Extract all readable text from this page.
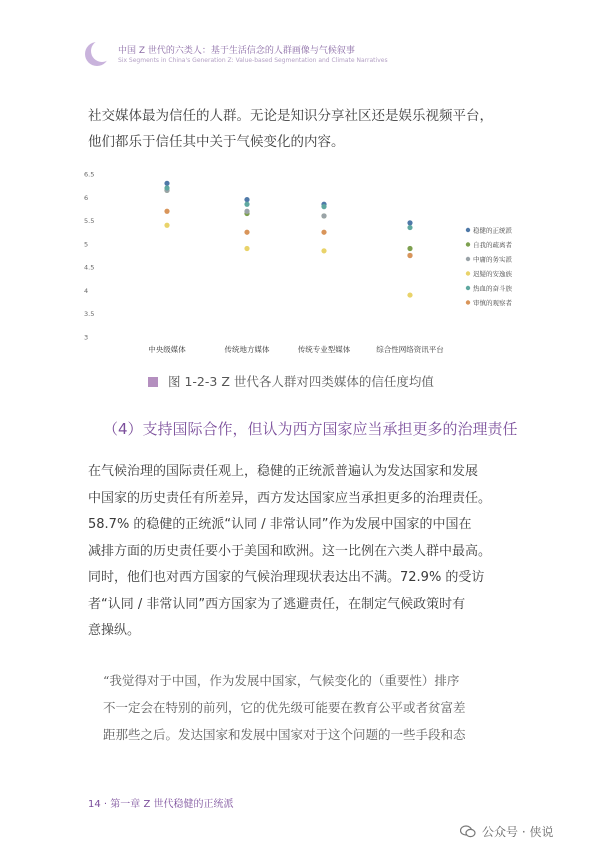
中国 Z 世代的六类人：基于生活信念的人群画像与气候叙事
Six Segments in China's Generation Z: Value-based Segmentation and Climate Narratives
社交媒体最为信任的人群。无论是知识分享社区还是娱乐视频平台，
他们都乐于信任其中关于气候变化的内容。
3
3.5
4
4.5
5
5.5
6
6.5
中央级媒体	传统地方媒体	传统专业型媒体	综合性网络资讯平台
稳健的正统派
自我的疏离者
中庸的务实派
迟疑的安逸族
热血的奋斗族
审慎的观察者
图 1-2-3 Z 世代各人群对四类媒体的信任度均值
（4）支持国际合作，但认为西方国家应当承担更多的治理责任
在气候治理的国际责任观上，稳健的正统派普遍认为发达国家和发展
中国家的历史责任有所差异，西方发达国家应当承担更多的治理责任。
58.7% 的稳健的正统派“认同 / 非常认同”作为发展中国家的中国在
减排方面的历史责任要小于美国和欧洲。这一比例在六类人群中最高。
同时，他们也对西方国家的气候治理现状表达出不满。72.9% 的受访
者“认同 / 非常认同”西方国家为了逃避责任，在制定气候政策时有
意操纵。
“我觉得对于中国，作为发展中国家，气候变化的（重要性）排序
不一定会在特别的前列，它的优先级可能要在教育公平或者贫富差
距那些之后。发达国家和发展中国家对于这个问题的一些手段和态
14 · 第一章 Z 世代稳健的正统派
公众号 · 侠说
